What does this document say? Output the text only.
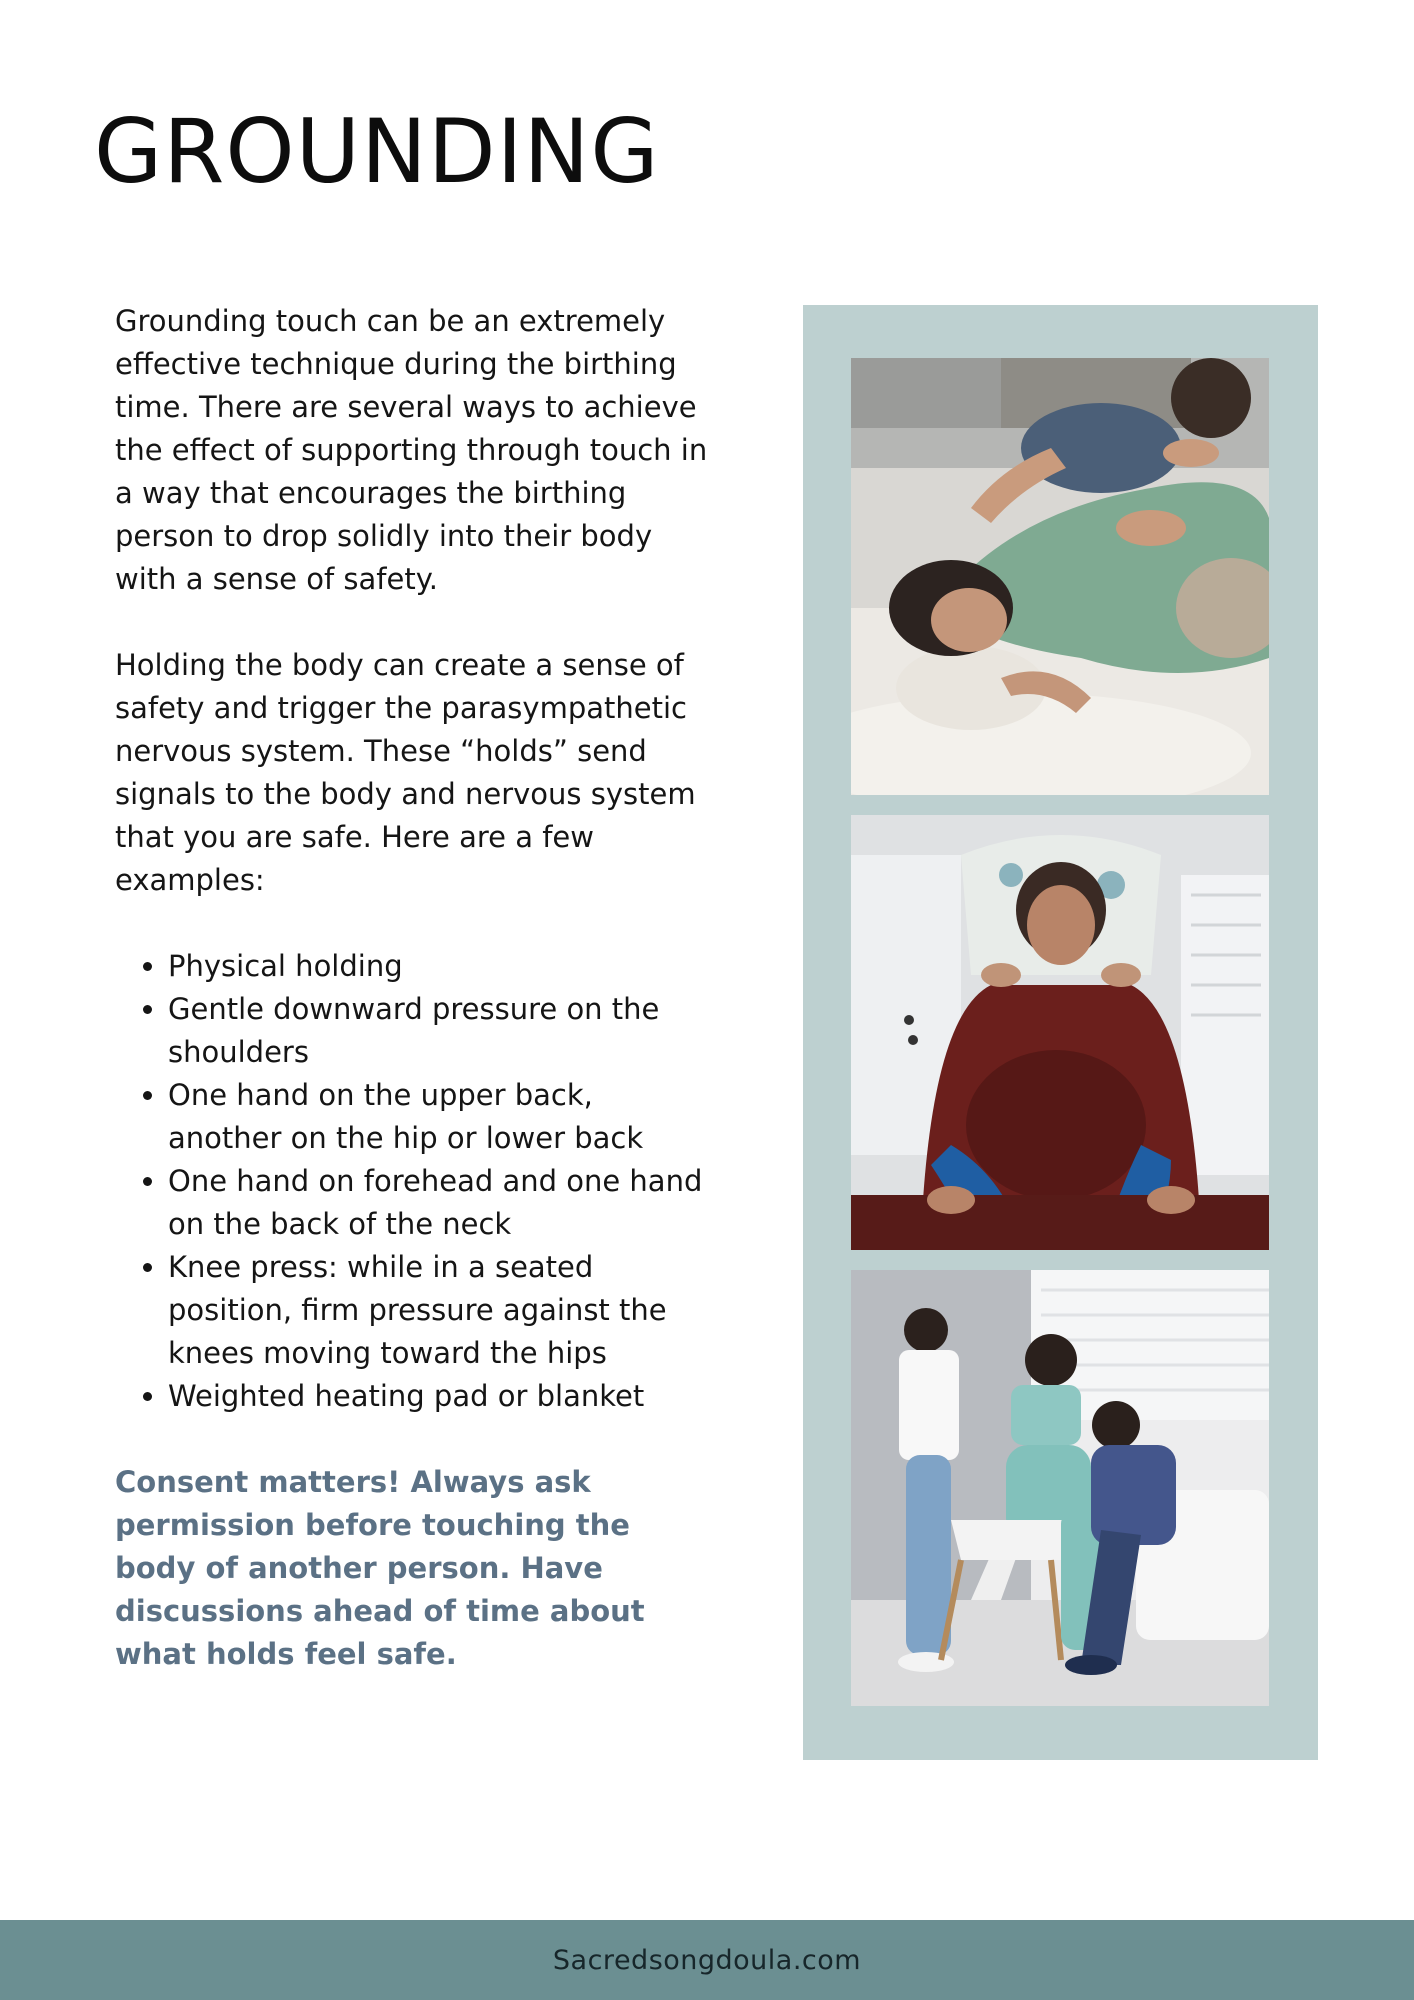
GROUNDING

Grounding touch can be an extremely effective technique during the birthing time. There are several ways to achieve the effect of supporting through touch in a way that encourages the birthing person to drop solidly into their body with a sense of safety.

Holding the body can create a sense of safety and trigger the parasympathetic nervous system. These “holds” send signals to the body and nervous system that you are safe. Here are a few examples:

• Physical holding
• Gentle downward pressure on the shoulders
• One hand on the upper back, another on the hip or lower back
• One hand on forehead and one hand on the back of the neck
• Knee press: while in a seated position, firm pressure against the knees moving toward the hips
• Weighted heating pad or blanket

Consent matters! Always ask permission before touching the body of another person. Have discussions ahead of time about what holds feel safe.

Sacredsongdoula.com
